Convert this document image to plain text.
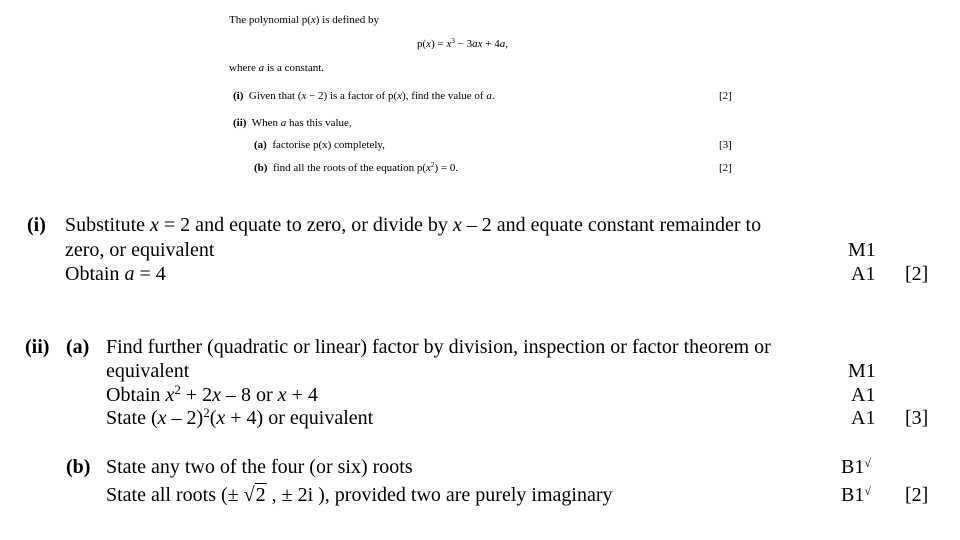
The polynomial p(x) is defined by
$p(x) = x^3 - 3ax + 4a$,
where a is a constant.
(i)  Given that (x − 2) is a factor of p(x), find the value of a.	[2]
(ii)  When a has this value,
(a) factorise p(x) completely,	[3]
(b)  find all the roots of the equation $p(x^2) = 0$.	[2]
(i) Substitute x = 2 and equate to zero, or divide by x – 2 and equate constant remainder to
zero, or equivalent	M1
Obtain a = 4	A1 [2]
(ii) (a) Find further (quadratic or linear) factor by division, inspection or factor theorem or
equivalent	M1
Obtain $x^2 + 2x - 8$ or x + 4	A1
State (x – 2)$^2$(x + 4) or equivalent	A1 [3]
(b) State any two of the four (or six) roots	B1√
State all roots (± √2 , ± 2i ), provided two are purely imaginary	B1√ [2]
